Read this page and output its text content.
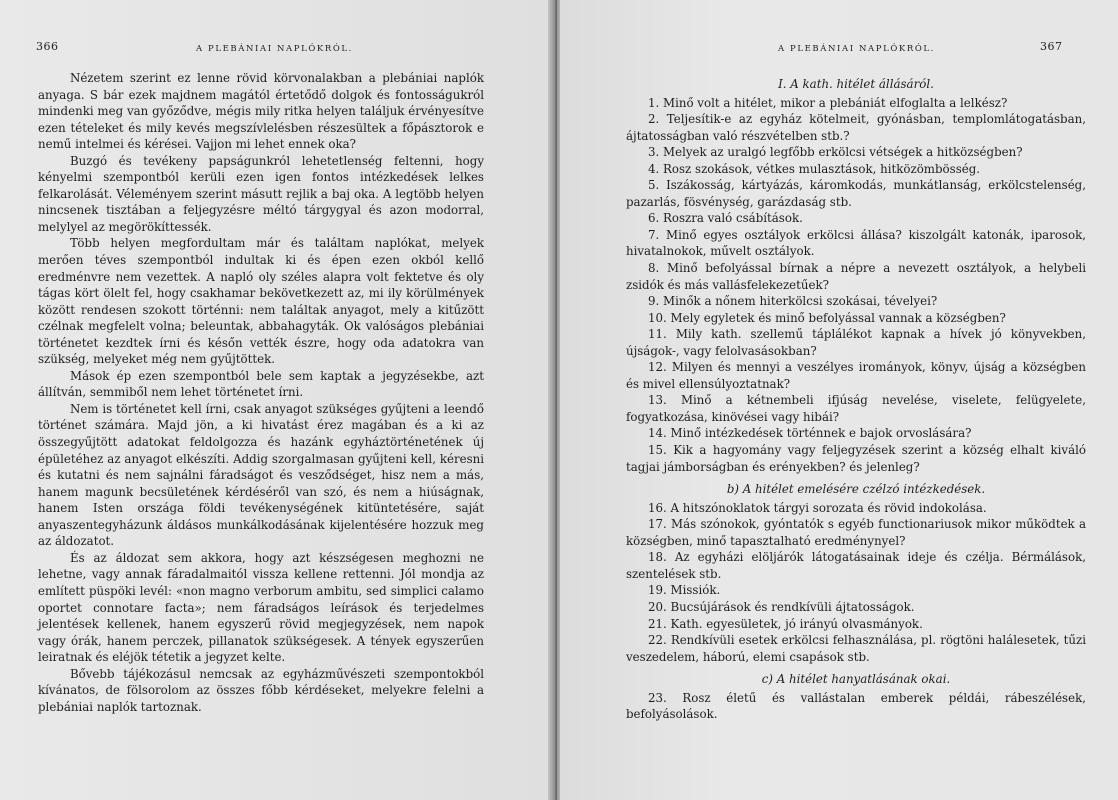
366	A PLEBÁNIAI NAPLÓKRÓL.

Nézetem szerint ez lenne rövid körvonalakban a plebániai naplók anyaga. S bár ezek majdnem magától értetődő dolgok és fontosságukról mindenki meg van győződve, mégis mily ritka helyen találjuk érvényesítve ezen tételeket és mily kevés megszívlelésben részesültek a főpásztorok e nemű intelmei és kérései. Vajjon mi lehet ennek oka?

Buzgó és tevékeny papságunkról lehetetlenség feltenni, hogy kényelmi szempontból kerüli ezen igen fontos intézkedések lelkes felkarolását. Véleményem szerint másutt rejlik a baj oka. A legtöbb helyen nincsenek tisztában a feljegyzésre méltó tárgygyal és azon modorral, melylyel az megörökíttessék.

Több helyen megfordultam már és találtam naplókat, melyek merően téves szempontból indultak ki és épen ezen okból kellő eredménvre nem vezettek. A napló oly széles alapra volt fektetve és oly tágas kört ölelt fel, hogy csakhamar bekövetkezett az, mi ily körülmények között rendesen szokott történni: nem találtak anyagot, mely a kitűzött czélnak megfelelt volna; beleuntak, abbahagyták. Ok valóságos plebániai történetet kezdtek írni és későn vették észre, hogy oda adatokra van szükség, melyeket még nem gyűjtöttek.

Mások ép ezen szempontból bele sem kaptak a jegyzésekbe, azt állítván, semmiből nem lehet történetet írni.

Nem is történetet kell írni, csak anyagot szükséges gyűjteni a leendő történet számára. Majd jön, a ki hivatást érez magában és a ki az összegyűjtött adatokat feldolgozza és hazánk egyháztörténetének új épületéhez az anyagot elkészíti. Addig szorgalmasan gyűjteni kell, kéresni és kutatni és nem sajnálni fáradságot és vesződséget, hisz nem a más, hanem magunk becsületének kérdéséről van szó, és nem a hiúságnak, hanem Isten országa földi tevékenységének kitüntetésére, saját anyaszentegyházunk áldásos munkálkodásának kijelentésére hozzuk meg az áldozatot.

És az áldozat sem akkora, hogy azt készségesen meghozni ne lehetne, vagy annak fáradalmaitól vissza kellene rettenni. Jól mondja az említett püspöki levél: «non magno verborum ambitu, sed simplici calamo oportet connotare facta»; nem fáradságos leírások és terjedelmes jelentések kellenek, hanem egyszerű rövid megjegyzések, nem napok vagy órák, hanem perczek, pillanatok szükségesek. A tények egyszerűen leiratnak és eléjök tétetik a jegyzet kelte.

Bővebb tájékozásul nemcsak az egyházművészeti szempontokból kívánatos, de fölsorolom az összes főbb kérdéseket, melyekre felelni a plebániai naplók tartoznak.

A PLEBÁNIAI NAPLÓKRÓL.	367
I. A kath. hitélet állásáról.
1. Minő volt a hitélet, mikor a plebániát elfoglalta a lelkész?
2. Teljesítik-e az egyház kötelmeit, gyónásban, templomlátogatásban, ájtatosságban való részvételben stb.?
3. Melyek az uralgó legfőbb erkölcsi vétségek a hitközségben?
4. Rosz szokások, vétkes mulasztások, hitközömbösség.
5. Iszákosság, kártyázás, káromkodás, munkátlanság, erkölcstelenség, pazarlás, fösvénység, garázdaság stb.
6. Roszra való csábítások.
7. Minő egyes osztályok erkölcsi állása? kiszolgált katonák, iparosok, hivatalnokok, művelt osztályok.
8. Minő befolyással bírnak a népre a nevezett osztályok, a helybeli zsidók és más vallásfelekezetűek?
9. Minők a nőnem hiterkölcsi szokásai, tévelyei?
10. Mely egyletek és minő befolyással vannak a községben?
11. Mily kath. szellemű táplálékot kapnak a hívek jó könyvekben, újságok-, vagy felolvasásokban?
12. Milyen és mennyi a veszélyes irományok, könyv, újság a községben és mivel ellensúlyoztatnak?
13. Minő a kétnembeli ifjúság nevelése, viselete, felügyelete, fogyatkozása, kinövései vagy hibái?
14. Minő intézkedések történnek e bajok orvoslására?
15. Kik a hagyomány vagy feljegyzések szerint a község elhalt kiváló tagjai jámborságban és erényekben? és jelenleg?
b) A hitélet emelésére czélzó intézkedések.
16. A hitszónoklatok tárgyi sorozata és rövid indokolása.
17. Más szónokok, gyóntatók s egyéb functionariusok mikor működtek a községben, minő tapasztalható eredménynyel?
18. Az egyházi elöljárók látogatásainak ideje és czélja. Bérmálások, szentelések stb.
19. Missiók.
20. Bucsújárások és rendkívüli ájtatosságok.
21. Kath. egyesületek, jó irányú olvasmányok.
22. Rendkívüli esetek erkölcsi felhasználása, pl. rögtöni halálesetek, tűzi veszedelem, háború, elemi csapások stb.
c) A hitélet hanyatlásának okai.
23. Rosz életű és vallástalan emberek példái, rábeszélések, befolyásolások.
